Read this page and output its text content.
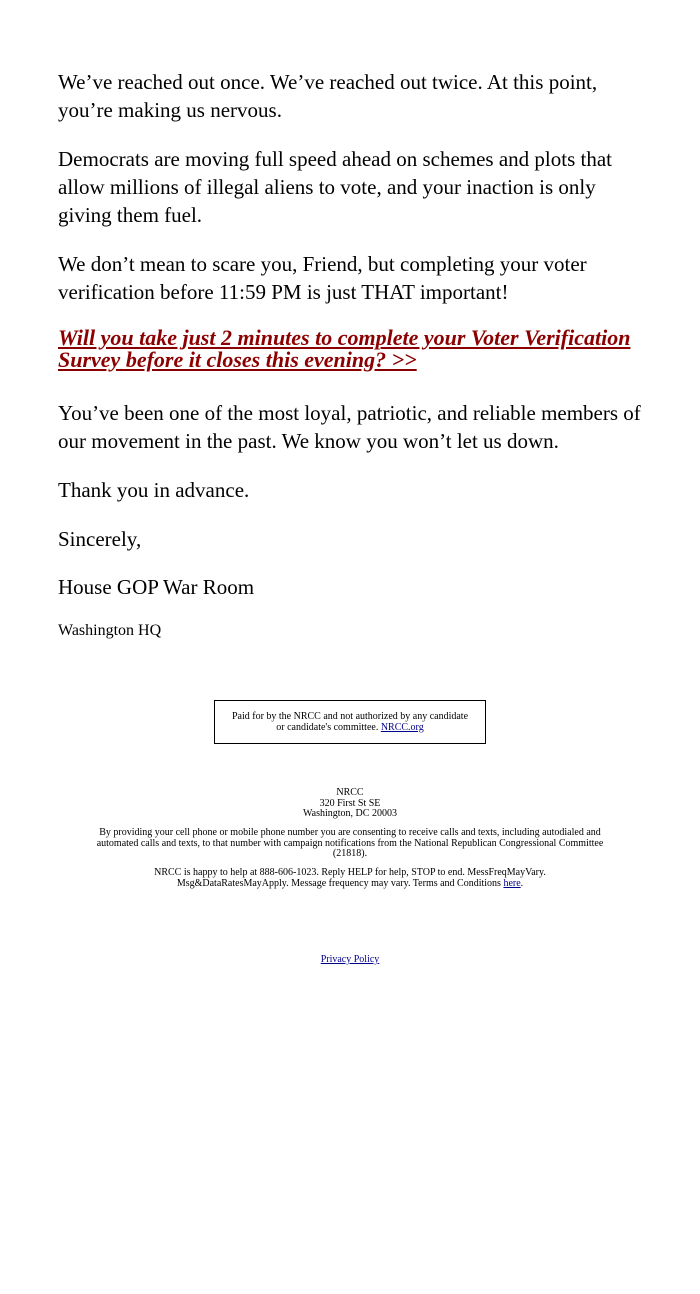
We’ve reached out once. We’ve reached out twice. At this point, you’re making us nervous.

Democrats are moving full speed ahead on schemes and plots that allow millions of illegal aliens to vote, and your inaction is only giving them fuel.

We don’t mean to scare you, Friend, but completing your voter verification before 11:59 PM is just THAT important!

Will you take just 2 minutes to complete your Voter Verification Survey before it closes this evening? >>

You’ve been one of the most loyal, patriotic, and reliable members of our movement in the past. We know you won’t let us down.

Thank you in advance.

Sincerely,

House GOP War Room

Washington HQ

Paid for by the NRCC and not authorized by any candidate or candidate's committee. NRCC.org
NRCC
320 First St SE
Washington, DC 20003
By providing your cell phone or mobile phone number you are consenting to receive calls and texts, including autodialed and automated calls and texts, to that number with campaign notifications from the National Republican Congressional Committee (21818).
NRCC is happy to help at 888-606-1023. Reply HELP for help, STOP to end. MessFreqMayVary. Msg&DataRatesMayApply. Message frequency may vary. Terms and Conditions here.
Privacy Policy
